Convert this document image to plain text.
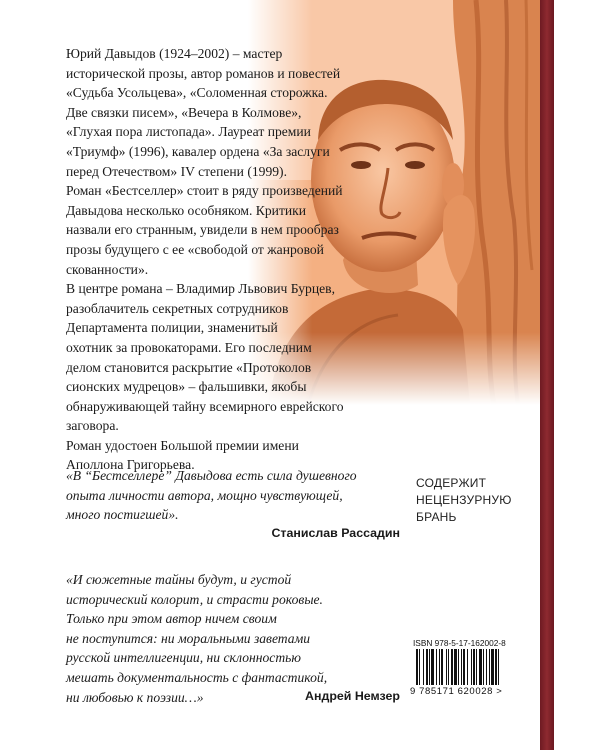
Юрий Давыдов (1924–2002) – мастер

исторической прозы, автор романов и повестей

«Судьба Усольцева», «Соломенная сторожка.

Две связки писем», «Вечера в Колмове»,

«Глухая пора листопада». Лауреат премии

«Триумф» (1996), кавалер ордена «За заслуги

перед Отечеством» IV степени (1999).

Роман «Бестселлер» стоит в ряду произведений

Давыдова несколько особняком. Критики

назвали его странным, увидели в нем прообраз

прозы будущего с ее «свободой от жанровой

скованности».

В центре романа – Владимир Львович Бурцев,

разоблачитель секретных сотрудников

Департамента полиции, знаменитый

охотник за провокаторами. Его последним

делом становится раскрытие «Протоколов

сионских мудрецов» – фальшивки, якобы

обнаруживающей тайну всемирного еврейского

заговора.

Роман удостоен Большой премии имени

Аполлона Григорьева.

«В “Бестселлере” Давыдова есть сила душевного
опыта личности автора, мощно чувствующей,
много постигшей».
Станислав Рассадин
СОДЕРЖИТ
НЕЦЕНЗУРНУЮ
БРАНЬ
«И сюжетные тайны будут, и густой
исторический колорит, и страсти роковые.
Только при этом автор ничем своим
не поступится: ни моральными заветами
русской интеллигенции, ни склонностью
мешать документальность с фантастикой,
ни любовью к поэзии…»	Андрей Немзер
ISBN 978-5-17-162002-8
9 785171 620028 >
